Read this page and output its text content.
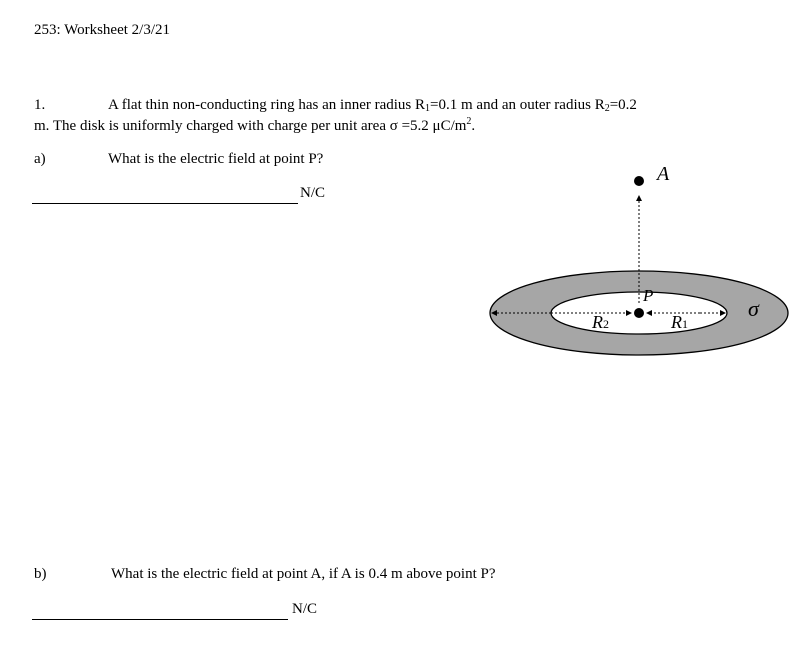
253: Worksheet 2/3/21
1.	A flat thin non-conducting ring has an inner radius $R_1=0.1$ m and an outer radius $R_2=0.2$
m. The disk is uniformly charged with charge per unit area σ =5.2 $\mu C/m^2$.
a)	What is the electric field at point P?
N/C
b)	What is the electric field at point A, if A is 0.4 m above point P?
N/C
A
P
R2	R1
σ
